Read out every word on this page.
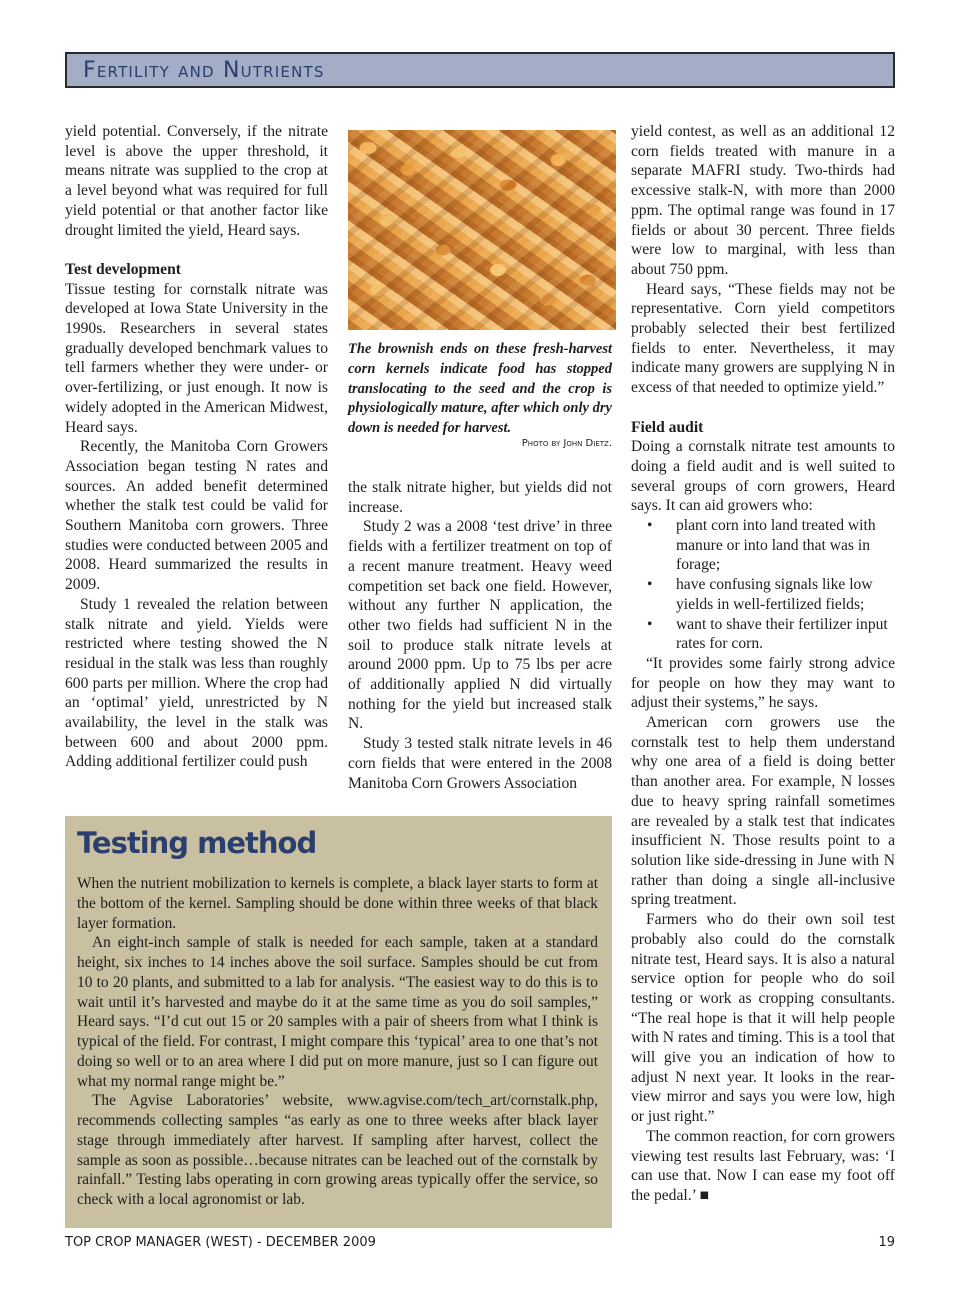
Fertility and Nutrients

yield potential. Conversely, if the nitrate level is above the upper threshold, it means nitrate was supplied to the crop at a level beyond what was required for full yield potential or that another factor like drought limited the yield, Heard says.

Test development

Tissue testing for cornstalk nitrate was developed at Iowa State University in the 1990s. Researchers in several states gradually developed benchmark values to tell farmers whether they were under- or over-fertilizing, or just enough. It now is widely adopted in the American Midwest, Heard says.

Recently, the Manitoba Corn Growers Association began testing N rates and sources. An added benefit determined whether the stalk test could be valid for Southern Manitoba corn growers. Three studies were conducted between 2005 and 2008. Heard summarized the results in 2009.

Study 1 revealed the relation between stalk nitrate and yield. Yields were restricted where testing showed the N residual in the stalk was less than roughly 600 parts per million. Where the crop had an ‘optimal’ yield, unrestricted by N availability, the level in the stalk was between 600 and about 2000 ppm. Adding additional fertilizer could push

The brownish ends on these fresh-harvest corn kernels indicate food has stopped translocating to the seed and the crop is physiologically mature, after which only dry down is needed for harvest.
Photo by John Dietz.

the stalk nitrate higher, but yields did not increase.

Study 2 was a 2008 ‘test drive’ in three fields with a fertilizer treatment on top of a recent manure treatment. Heavy weed competition set back one field. However, without any further N application, the other two fields had sufficient N in the soil to produce stalk nitrate levels at around 2000 ppm. Up to 75 lbs per acre of additionally applied N did virtually nothing for the yield but increased stalk N.

Study 3 tested stalk nitrate levels in 46 corn fields that were entered in the 2008 Manitoba Corn Growers Association

yield contest, as well as an additional 12 corn fields treated with manure in a separate MAFRI study. Two-thirds had excessive stalk-N, with more than 2000 ppm. The optimal range was found in 17 fields or about 30 percent. Three fields were low to marginal, with less than about 750 ppm.

Heard says, “These fields may not be representative. Corn yield competitors probably selected their best fertilized fields to enter. Nevertheless, it may indicate many growers are supplying N in excess of that needed to optimize yield.”

Field audit

Doing a cornstalk nitrate test amounts to doing a field audit and is well suited to several groups of corn growers, Heard says. It can aid growers who:

• plant corn into land treated with manure or into land that was in forage;
• have confusing signals like low yields in well-fertilized fields;
• want to shave their fertilizer input rates for corn.

“It provides some fairly strong advice for people on how they may want to adjust their systems,” he says.

American corn growers use the cornstalk test to help them understand why one area of a field is doing better than another area. For example, N losses due to heavy spring rainfall sometimes are revealed by a stalk test that indicates insufficient N. Those results point to a solution like side-dressing in June with N rather than doing a single all-inclusive spring treatment.

Farmers who do their own soil test probably also could do the cornstalk nitrate test, Heard says. It is also a natural service option for people who do soil testing or work as cropping consultants. “The real hope is that it will help people with N rates and timing. This is a tool that will give you an indication of how to adjust N next year. It looks in the rear-view mirror and says you were low, high or just right.”

The common reaction, for corn growers viewing test results last February, was: ‘I can use that. Now I can ease my foot off the pedal.’ ■

Testing method

When the nutrient mobilization to kernels is complete, a black layer starts to form at the bottom of the kernel. Sampling should be done within three weeks of that black layer formation.

An eight-inch sample of stalk is needed for each sample, taken at a standard height, six inches to 14 inches above the soil surface. Samples should be cut from 10 to 20 plants, and submitted to a lab for analysis. “The easiest way to do this is to wait until it’s harvested and maybe do it at the same time as you do soil samples,” Heard says. “I’d cut out 15 or 20 samples with a pair of sheers from what I think is typical of the field. For contrast, I might compare this ‘typical’ area to one that’s not doing so well or to an area where I did put on more manure, just so I can figure out what my normal range might be.”

The Agvise Laboratories’ website, www.agvise.com/tech_art/cornstalk.php, recommends collecting samples “as early as one to three weeks after black layer stage through immediately after harvest. If sampling after harvest, collect the sample as soon as possible…because nitrates can be leached out of the cornstalk by rainfall.” Testing labs operating in corn growing areas typically offer the service, so check with a local agronomist or lab.

TOP CROP MANAGER (WEST) - DECEMBER 2009	19
